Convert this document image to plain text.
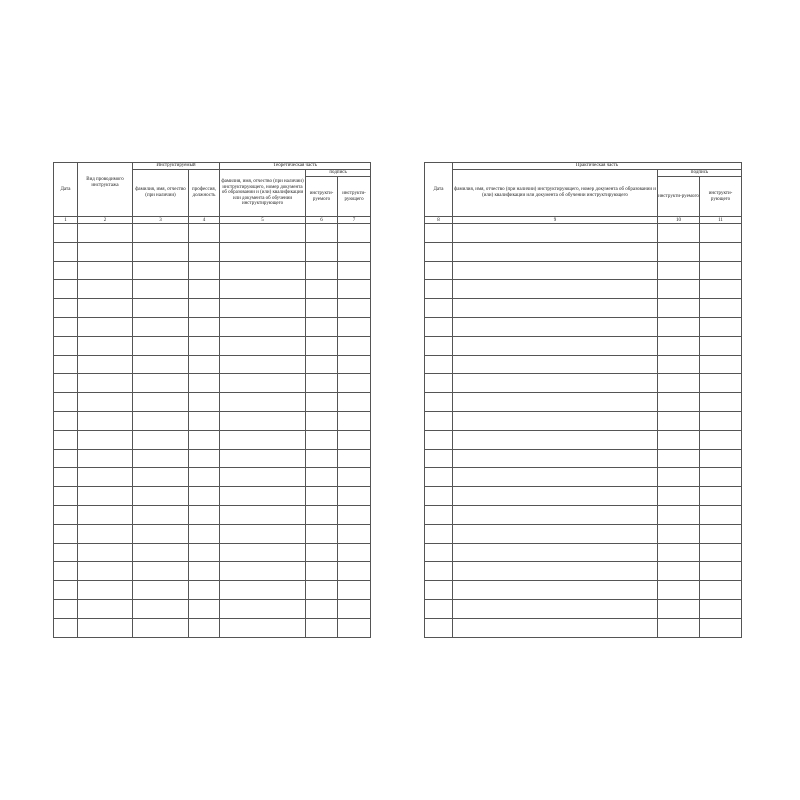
Дата	Вид проводимого инструктажа	Инструктируемый		Теоретическая часть		
		фамилия, имя, отчество (при наличии)	профессия, должность	фамилия, имя, отчество (при наличии) инструктирующего, номер документа об образовании и (или) квалификации или документа об обучении инструктирующего	подпись	
					инструкти-руемого	инструкти-рующего
1	2	3	4	5	6	7

Дата	Практическая часть		
	фамилия, имя, отчество (при наличии) инструктирующего, номер документа об образовании и (или) квалификации или документа об обучении инструктирующего	подпись	
		инструкти-руемого	инструкти-рующего
8	9	10	11
